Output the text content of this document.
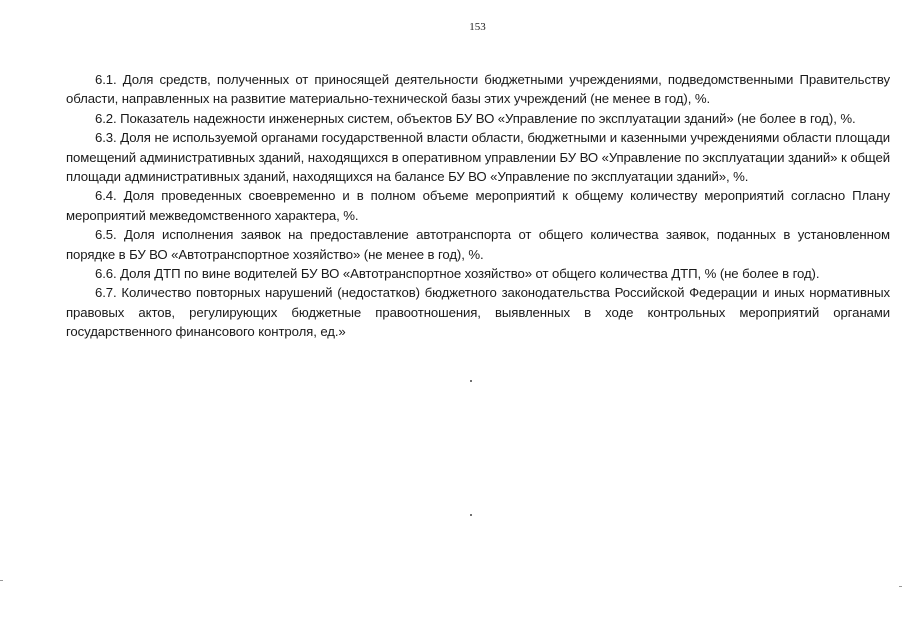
153

6.1. Доля средств, полученных от приносящей деятельности бюджетными учреждениями, подведомственными Правительству области, направленных на развитие материально-технической базы этих учреждений (не менее в год), %.

6.2. Показатель надежности инженерных систем, объектов БУ ВО «Управление по эксплуатации зданий» (не более в год), %.

6.3. Доля не используемой органами государственной власти области, бюджетными и казенными учреждениями области площади помещений административных зданий, находящихся в оперативном управлении БУ ВО «Управление по эксплуатации зданий» к общей площади административных зданий, находящихся на балансе БУ ВО «Управление по эксплуатации зданий», %.

6.4. Доля проведенных своевременно и в полном объеме мероприятий к общему количеству мероприятий согласно Плану мероприятий межведомственного характера, %.

6.5. Доля исполнения заявок на предоставление автотранспорта от общего количества заявок, поданных в установленном порядке в БУ ВО «Автотранспортное хозяйство» (не менее в год), %.

6.6. Доля ДТП по вине водителей БУ ВО «Автотранспортное хозяйство» от общего количества ДТП, % (не более в год).

6.7. Количество повторных нарушений (недостатков) бюджетного законодательства Российской Федерации и иных нормативных правовых актов, регулирующих бюджетные правоотношения, выявленных в ходе контрольных мероприятий органами государственного финансового контроля, ед.»
